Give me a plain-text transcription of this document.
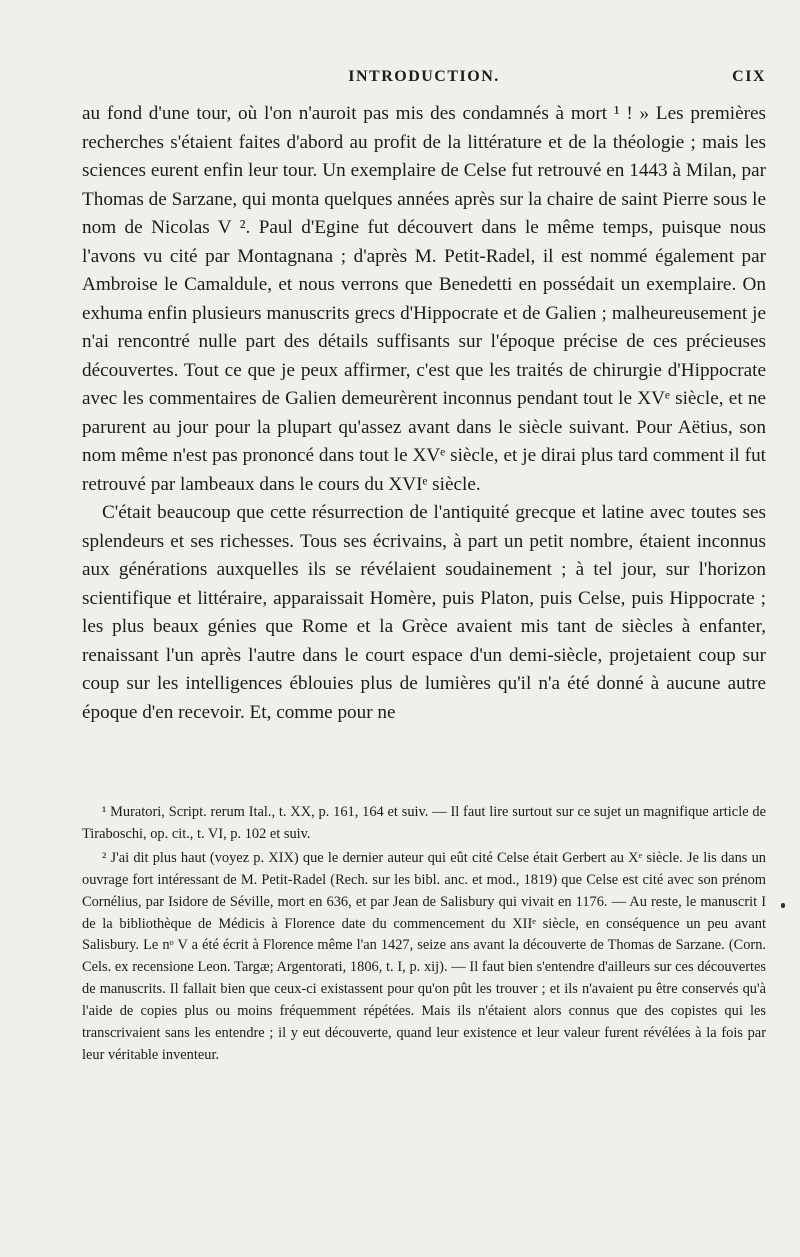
INTRODUCTION.	CIX

au fond d'une tour, où l'on n'auroit pas mis des condamnés à mort ¹ ! » Les premières recherches s'étaient faites d'abord au profit de la littérature et de la théologie ; mais les sciences eurent enfin leur tour. Un exemplaire de Celse fut retrouvé en 1443 à Milan, par Thomas de Sarzane, qui monta quelques années après sur la chaire de saint Pierre sous le nom de Nicolas V ². Paul d'Egine fut découvert dans le même temps, puisque nous l'avons vu cité par Montagnana ; d'après M. Petit-Radel, il est nommé également par Ambroise le Camaldule, et nous verrons que Benedetti en possédait un exemplaire. On exhuma enfin plusieurs manuscrits grecs d'Hippocrate et de Galien ; malheureusement je n'ai rencontré nulle part des détails suffisants sur l'époque précise de ces précieuses découvertes. Tout ce que je peux affirmer, c'est que les traités de chirurgie d'Hippocrate avec les commentaires de Galien demeurèrent inconnus pendant tout le XVᵉ siècle, et ne parurent au jour pour la plupart qu'assez avant dans le siècle suivant. Pour Aëtius, son nom même n'est pas prononcé dans tout le XVᵉ siècle, et je dirai plus tard comment il fut retrouvé par lambeaux dans le cours du XVIᵉ siècle.

C'était beaucoup que cette résurrection de l'antiquité grecque et latine avec toutes ses splendeurs et ses richesses. Tous ses écrivains, à part un petit nombre, étaient inconnus aux générations auxquelles ils se révélaient soudainement ; à tel jour, sur l'horizon scientifique et littéraire, apparaissait Homère, puis Platon, puis Celse, puis Hippocrate ; les plus beaux génies que Rome et la Grèce avaient mis tant de siècles à enfanter, renaissant l'un après l'autre dans le court espace d'un demi-siècle, projetaient coup sur coup sur les intelligences éblouies plus de lumières qu'il n'a été donné à aucune autre époque d'en recevoir. Et, comme pour ne

¹ Muratori, Script. rerum Ital., t. XX, p. 161, 164 et suiv. — Il faut lire surtout sur ce sujet un magnifique article de Tiraboschi, op. cit., t. VI, p. 102 et suiv.

² J'ai dit plus haut (voyez p. XIX) que le dernier auteur qui eût cité Celse était Gerbert au Xᵉ siècle. Je lis dans un ouvrage fort intéressant de M. Petit-Radel (Rech. sur les bibl. anc. et mod., 1819) que Celse est cité avec son prénom Cornélius, par Isidore de Séville, mort en 636, et par Jean de Salisbury qui vivait en 1176. — Au reste, le manuscrit I de la bibliothèque de Médicis à Florence date du commencement du XIIᵉ siècle, en conséquence un peu avant Salisbury. Le nᵒ V a été écrit à Florence même l'an 1427, seize ans avant la découverte de Thomas de Sarzane. (Corn. Cels. ex recensione Leon. Targæ; Argentorati, 1806, t. I, p. xij). — Il faut bien s'entendre d'ailleurs sur ces découvertes de manuscrits. Il fallait bien que ceux-ci existassent pour qu'on pût les trouver ; et ils n'avaient pu être conservés qu'à l'aide de copies plus ou moins fréquemment répétées. Mais ils n'étaient alors connus que des copistes qui les transcrivaient sans les entendre ; il y eut découverte, quand leur existence et leur valeur furent révélées à la fois par leur véritable inventeur.
